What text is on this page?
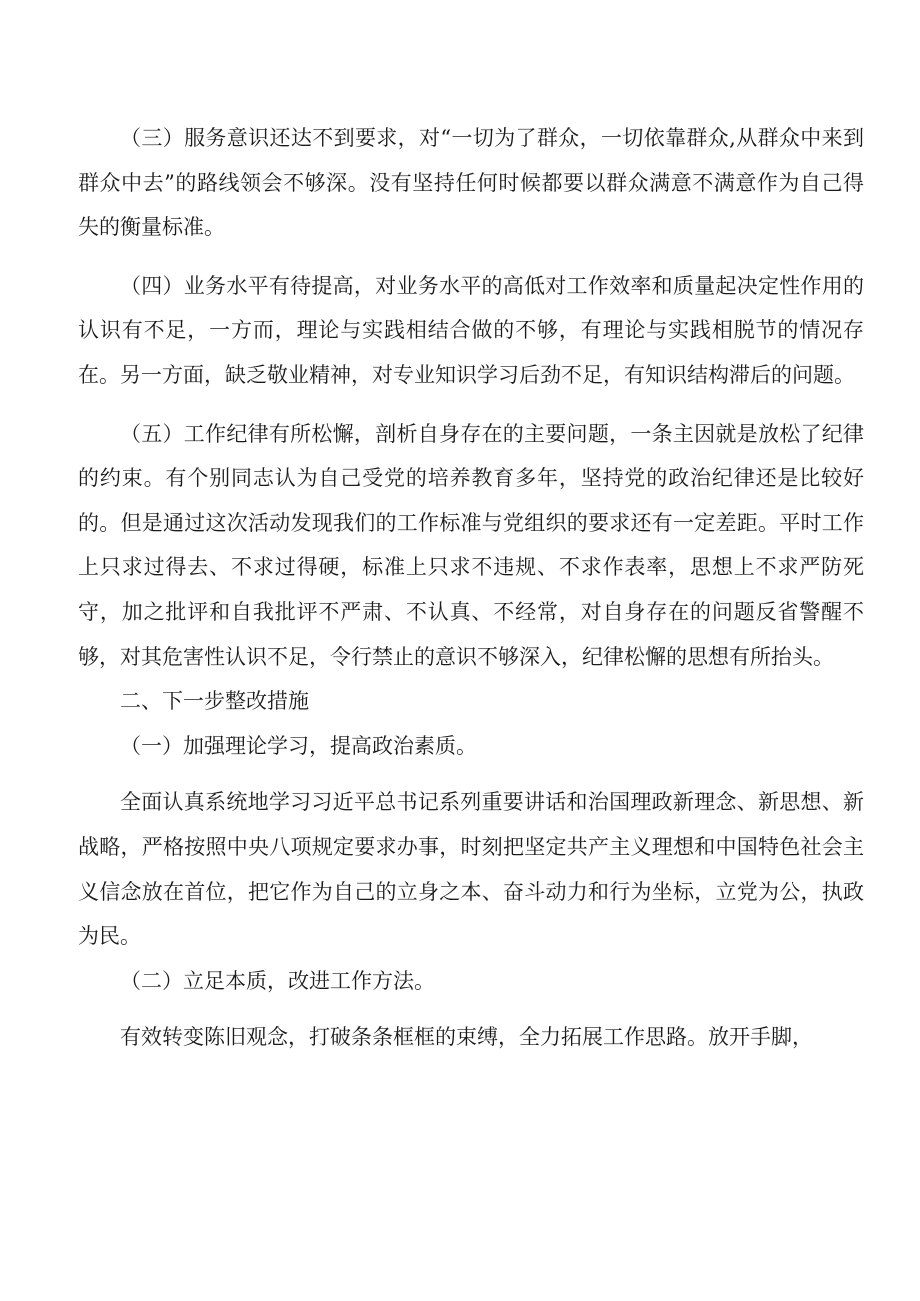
（三）服务意识还达不到要求，对“一切为了群众，一切依靠群众,从群众中来到群众中去”的路线领会不够深。没有坚持任何时候都要以群众满意不满意作为自己得失的衡量标准。

（四）业务水平有待提高，对业务水平的高低对工作效率和质量起决定性作用的认识有不足，一方而，理论与实践相结合做的不够，有理论与实践相脱节的情况存在。另一方面，缺乏敬业精神，对专业知识学习后劲不足，有知识结构滞后的问题。

（五）工作纪律有所松懈，剖析自身存在的主要问题，一条主因就是放松了纪律的约束。有个别同志认为自己受党的培养教育多年，坚持党的政治纪律还是比较好的。但是通过这次活动发现我们的工作标准与党组织的要求还有一定差距。平时工作上只求过得去、不求过得硬，标准上只求不违规、不求作表率，思想上不求严防死守，加之批评和自我批评不严肃、不认真、不经常，对自身存在的问题反省警醒不够，对其危害性认识不足，令行禁止的意识不够深入，纪律松懈的思想有所抬头。

二、下一步整改措施

（一）加强理论学习，提高政治素质。

全面认真系统地学习习近平总书记系列重要讲话和治国理政新理念、新思想、新战略，严格按照中央八项规定要求办事，时刻把坚定共产主义理想和中国特色社会主义信念放在首位，把它作为自己的立身之本、奋斗动力和行为坐标，立党为公，执政为民。

（二）立足本质，改进工作方法。

有效转变陈旧观念，打破条条框框的束缚，全力拓展工作思路。放开手脚，
